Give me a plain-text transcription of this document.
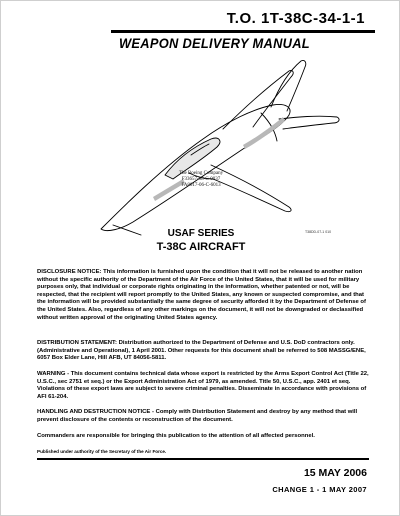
T.O. 1T-38C-34-1-1
WEAPON DELIVERY MANUAL
T38DD-07-1 010
The Boeing Company
F33657-98-C-0037
FA8617-06-C-6013
USAF SERIES
T-38C AIRCRAFT
DISCLOSURE NOTICE: This information is furnished upon the condition that it will not be released to another nation without the specific authority of the Department of the Air Force of the United States, that it will be used for military purposes only, that individual or corporate rights originating in the information, whether patented or not, will be respected, that the recipient will report promptly to the United States, any known or suspected compromise, and that the information will be provided substantially the same degree of security afforded it by the Department of Defense of the United States. Also, regardless of any other markings on the document, it will not be downgraded or declassified without written approval of the originating United States agency.
DISTRIBUTION STATEMENT: Distribution authorized to the Department of Defense and U.S. DoD contractors only. (Administrative and Operational), 1 April 2001. Other requests for this document shall be referred to 508 MASSG/ENE, 6057 Box Elder Lane, Hill AFB, UT 84056-5811.
WARNING - This document contains technical data whose export is restricted by the Arms Export Control Act (Title 22, U.S.C., sec 2751 et seq.) or the Export Administration Act of 1979, as amended. Title 50, U.S.C., app. 2401 et seq. Violations of these export laws are subject to severe criminal penalties. Disseminate in accordance with provisions of AFI 61-204.
HANDLING AND DESTRUCTION NOTICE - Comply with Distribution Statement and destroy by any method that will prevent disclosure of the contents or reconstruction of the document.
Commanders are responsible for bringing this publication to the attention of all affected personnel.
Published under authority of the Secretary of the Air Force.
15 MAY 2006
CHANGE 1 - 1 MAY 2007
